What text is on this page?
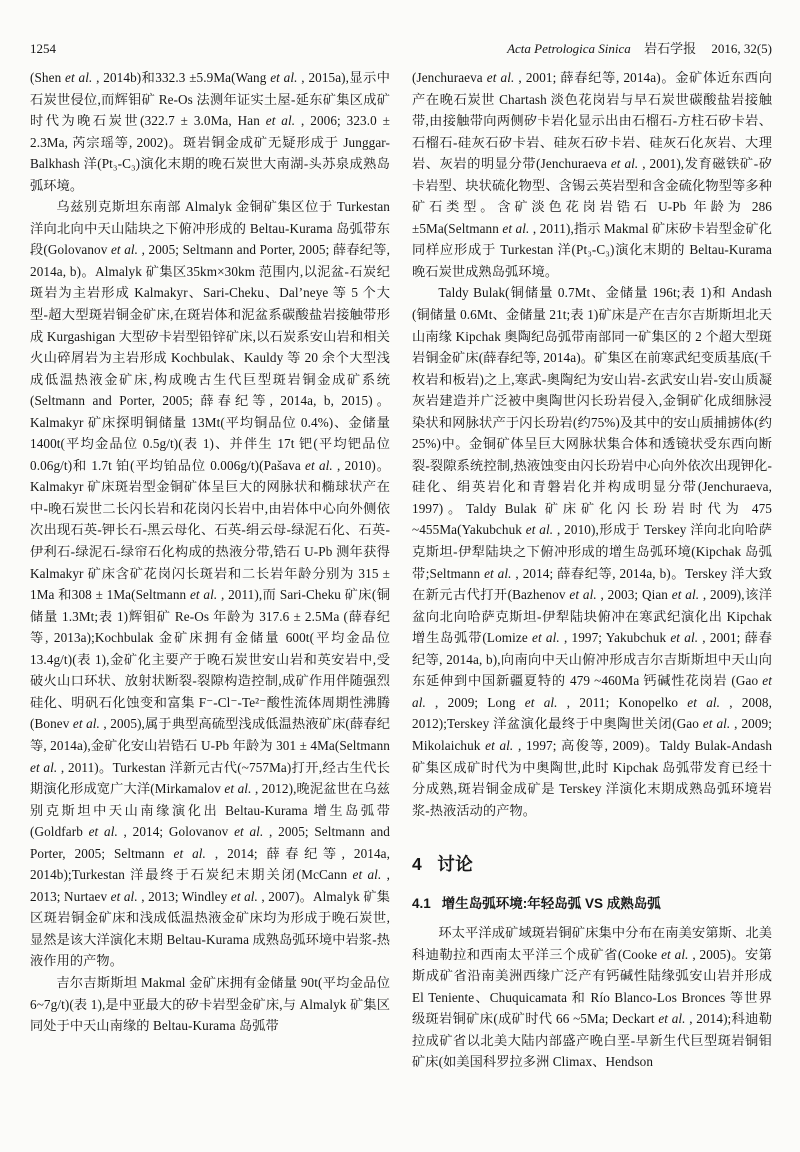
1254	Acta Petrologica Sinica 岩石学报 2016, 32(5)

(Shen et al. , 2014b)和332.3 ±5.9Ma(Wang et al. , 2015a),显示中石炭世侵位,而辉钼矿 Re-Os 法测年证实土屋-延东矿集区成矿时代为晚石炭世(322.7 ± 3.0Ma, Han et al. , 2006; 323.0 ± 2.3Ma, 芮宗瑶等, 2002)。斑岩铜金成矿无疑形成于 Junggar-Balkhash 洋(Pt₃-C₃)演化末期的晚石炭世大南湖-头苏泉成熟岛弧环境。

乌兹别克斯坦东南部 Almalyk 金铜矿集区位于 Turkestan 洋向北向中天山陆块之下俯冲形成的 Beltau-Kurama 岛弧带东段(Golovanov et al. , 2005; Seltmann and Porter, 2005; 薛春纪等, 2014a, b)。Almalyk 矿集区35km×30km 范围内,以泥盆-石炭纪斑岩为主岩形成 Kalmakyr、Sari-Cheku、Dal’neye 等 5 个大型-超大型斑岩铜金矿床,在斑岩体和泥盆系碳酸盐岩接触带形成 Kurgashigan 大型矽卡岩型铅锌矿床,以石炭系安山岩和相关火山碎屑岩为主岩形成 Kochbulak、Kauldy 等 20 余个大型浅成低温热液金矿床,构成晚古生代巨型斑岩铜金成矿系统(Seltmann and Porter, 2005; 薛春纪等, 2014a, b, 2015)。Kalmakyr 矿床探明铜储量 13Mt(平均铜品位 0.4%)、金储量 1400t(平均金品位 0.5g/t)(表 1)、并伴生 17t 钯(平均钯品位 0.06g/t)和 1.7t 铂(平均铂品位 0.006g/t)(Pašava et al. , 2010)。Kalmakyr 矿床斑岩型金铜矿体呈巨大的网脉状和椭球状产在中-晚石炭世二长闪长岩和花岗闪长岩中,由岩体中心向外侧依次出现石英-钾长石-黑云母化、石英-绢云母-绿泥石化、石英-伊利石-绿泥石-绿帘石化构成的热液分带,锆石 U-Pb 测年获得 Kalmakyr 矿床含矿花岗闪长斑岩和二长岩年龄分别为 315 ± 1Ma 和308 ± 1Ma(Seltmann et al. , 2011),而 Sari-Cheku 矿床(铜储量 1.3Mt;表 1)辉钼矿 Re-Os 年龄为 317.6 ± 2.5Ma (薛春纪等, 2013a);Kochbulak 金矿床拥有金储量 600t(平均金品位 13.4g/t)(表 1),金矿化主要产于晚石炭世安山岩和英安岩中,受破火山口环状、放射状断裂-裂隙构造控制,成矿作用伴随强烈硅化、明矾石化蚀变和富集 F⁻-Cl⁻-Te²⁻酸性流体周期性沸腾(Bonev et al. , 2005),属于典型高硫型浅成低温热液矿床(薛春纪等, 2014a),金矿化安山岩锆石 U-Pb 年龄为 301 ± 4Ma(Seltmann et al. , 2011)。Turkestan 洋新元古代(~757Ma)打开,经古生代长期演化形成宽广大洋(Mirkamalov et al. , 2012),晚泥盆世在乌兹别克斯坦中天山南缘演化出 Beltau-Kurama 增生岛弧带(Goldfarb et al. , 2014; Golovanov et al. , 2005; Seltmann and Porter, 2005; Seltmann et al. , 2014; 薛春纪等, 2014a, 2014b);Turkestan 洋最终于石炭纪末期关闭(McCann et al. , 2013; Nurtaev et al. , 2013; Windley et al. , 2007)。Almalyk 矿集区斑岩铜金矿床和浅成低温热液金矿床均为形成于晚石炭世,显然是该大洋演化末期 Beltau-Kurama 成熟岛弧环境中岩浆-热液作用的产物。

吉尔吉斯斯坦 Makmal 金矿床拥有金储量 90t(平均金品位 6~7g/t)(表 1),是中亚最大的矽卡岩型金矿床,与 Almalyk 矿集区同处于中天山南缘的 Beltau-Kurama 岛弧带

(Jenchuraeva et al. , 2001; 薛春纪等, 2014a)。金矿体近东西向产在晚石炭世 Chartash 淡色花岗岩与早石炭世碳酸盐岩接触带,由接触带向两侧矽卡岩化显示出由石榴石-方柱石矽卡岩、石榴石-硅灰石矽卡岩、硅灰石矽卡岩、硅灰石化灰岩、大理岩、灰岩的明显分带(Jenchuraeva et al. , 2001),发育磁铁矿-矽卡岩型、块状硫化物型、含锡云英岩型和含金硫化物型等多种矿石类型。含矿淡色花岗岩锆石 U-Pb 年龄为 286 ±5Ma(Seltmann et al. , 2011),指示 Makmal 矿床矽卡岩型金矿化同样应形成于 Turkestan 洋(Pt₃-C₃)演化末期的 Beltau-Kurama 晚石炭世成熟岛弧环境。

Taldy Bulak(铜储量 0.7Mt、金储量 196t;表 1)和 Andash (铜储量 0.6Mt、金储量 21t;表 1)矿床是产在吉尔吉斯斯坦北天山南缘 Kipchak 奥陶纪岛弧带南部同一矿集区的 2 个超大型斑岩铜金矿床(薛春纪等, 2014a)。矿集区在前寒武纪变质基底(千枚岩和板岩)之上,寒武-奥陶纪为安山岩-玄武安山岩-安山质凝灰岩建造并广泛被中奥陶世闪长玢岩侵入,金铜矿化成细脉浸染状和网脉状产于闪长玢岩(约75%)及其中的安山质捕掳体(约 25%)中。金铜矿体呈巨大网脉状集合体和透镜状受东西向断裂-裂隙系统控制,热液蚀变由闪长玢岩中心向外依次出现钾化-硅化、绢英岩化和青磐岩化并构成明显分带(Jenchuraeva, 1997)。Taldy Bulak 矿床矿化闪长玢岩时代为 475 ~455Ma(Yakubchuk et al. , 2010),形成于 Terskey 洋向北向哈萨克斯坦-伊犁陆块之下俯冲形成的增生岛弧环境(Kipchak 岛弧带;Seltmann et al. , 2014; 薛春纪等, 2014a, b)。Terskey 洋大致在新元古代打开(Bazhenov et al. , 2003; Qian et al. , 2009),该洋盆向北向哈萨克斯坦-伊犁陆块俯冲在寒武纪演化出 Kipchak 增生岛弧带(Lomize et al. , 1997; Yakubchuk et al. , 2001; 薛春纪等, 2014a, b),向南向中天山俯冲形成吉尔吉斯斯坦中天山向东延伸到中国新疆夏特的 479 ~460Ma 钙碱性花岗岩 (Gao et al. , 2009; Long et al. , 2011; Konopelko et al. , 2008, 2012);Terskey 洋盆演化最终于中奥陶世关闭(Gao et al. , 2009; Mikolaichuk et al. , 1997; 高俊等, 2009)。Taldy Bulak-Andash 矿集区成矿时代为中奥陶世,此时 Kipchak 岛弧带发育已经十分成熟,斑岩铜金成矿是 Terskey 洋演化末期成熟岛弧环境岩浆-热液活动的产物。

4 讨论
4.1 增生岛弧环境:年轻岛弧 VS 成熟岛弧

环太平洋成矿域斑岩铜矿床集中分布在南美安第斯、北美科迪勒拉和西南太平洋三个成矿省(Cooke et al. , 2005)。安第斯成矿省沿南美洲西缘广泛产有钙碱性陆缘弧安山岩并形成 El Teniente、Chuquicamata 和 Río Blanco-Los Bronces 等世界级斑岩铜矿床(成矿时代 66 ~5Ma; Deckart et al. , 2014);科迪勒拉成矿省以北美大陆内部盛产晚白垩-早新生代巨型斑岩铜钼矿床(如美国科罗拉多洲 Climax、Hendson
